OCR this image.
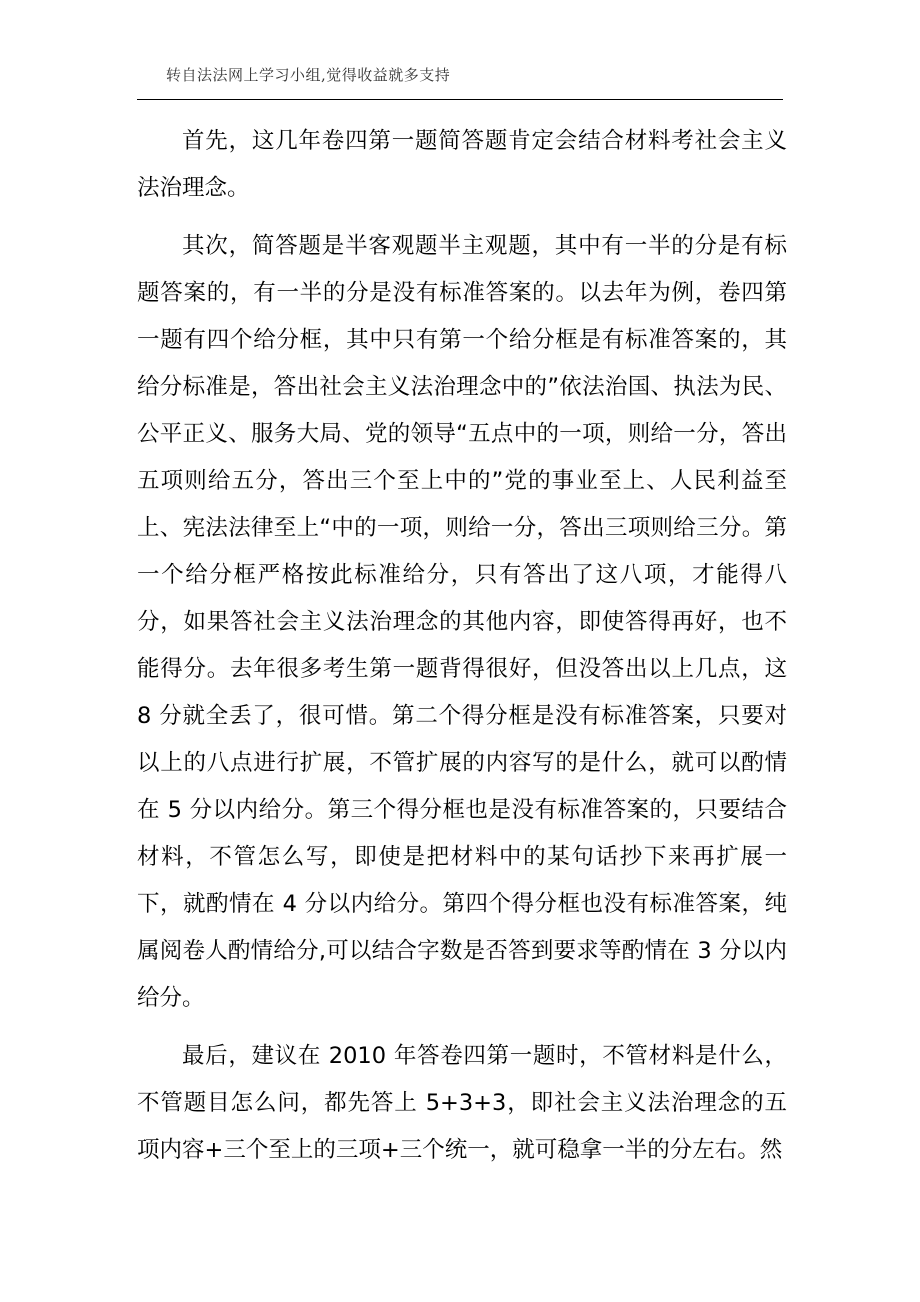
转自法法网上学习小组,觉得收益就多支持

首先，这几年卷四第一题简答题肯定会结合材料考社会主义法治理念。

其次，简答题是半客观题半主观题，其中有一半的分是有标题答案的，有一半的分是没有标准答案的。以去年为例，卷四第一题有四个给分框，其中只有第一个给分框是有标准答案的，其给分标准是，答出社会主义法治理念中的”依法治国、执法为民、公平正义、服务大局、党的领导“五点中的一项，则给一分，答出五项则给五分，答出三个至上中的”党的事业至上、人民利益至上、宪法法律至上“中的一项，则给一分，答出三项则给三分。第一个给分框严格按此标准给分，只有答出了这八项，才能得八分，如果答社会主义法治理念的其他内容，即使答得再好，也不能得分。去年很多考生第一题背得很好，但没答出以上几点，这 8 分就全丢了，很可惜。第二个得分框是没有标准答案，只要对以上的八点进行扩展，不管扩展的内容写的是什么，就可以酌情在 5 分以内给分。第三个得分框也是没有标准答案的，只要结合材料，不管怎么写，即使是把材料中的某句话抄下来再扩展一下，就酌情在 4 分以内给分。第四个得分框也没有标准答案，纯属阅卷人酌情给分,可以结合字数是否答到要求等酌情在 3 分以内给分。

最后，建议在 2010 年答卷四第一题时，不管材料是什么，不管题目怎么问，都先答上 5+3+3，即社会主义法治理念的五项内容+三个至上的三项+三个统一，就可稳拿一半的分左右。然
